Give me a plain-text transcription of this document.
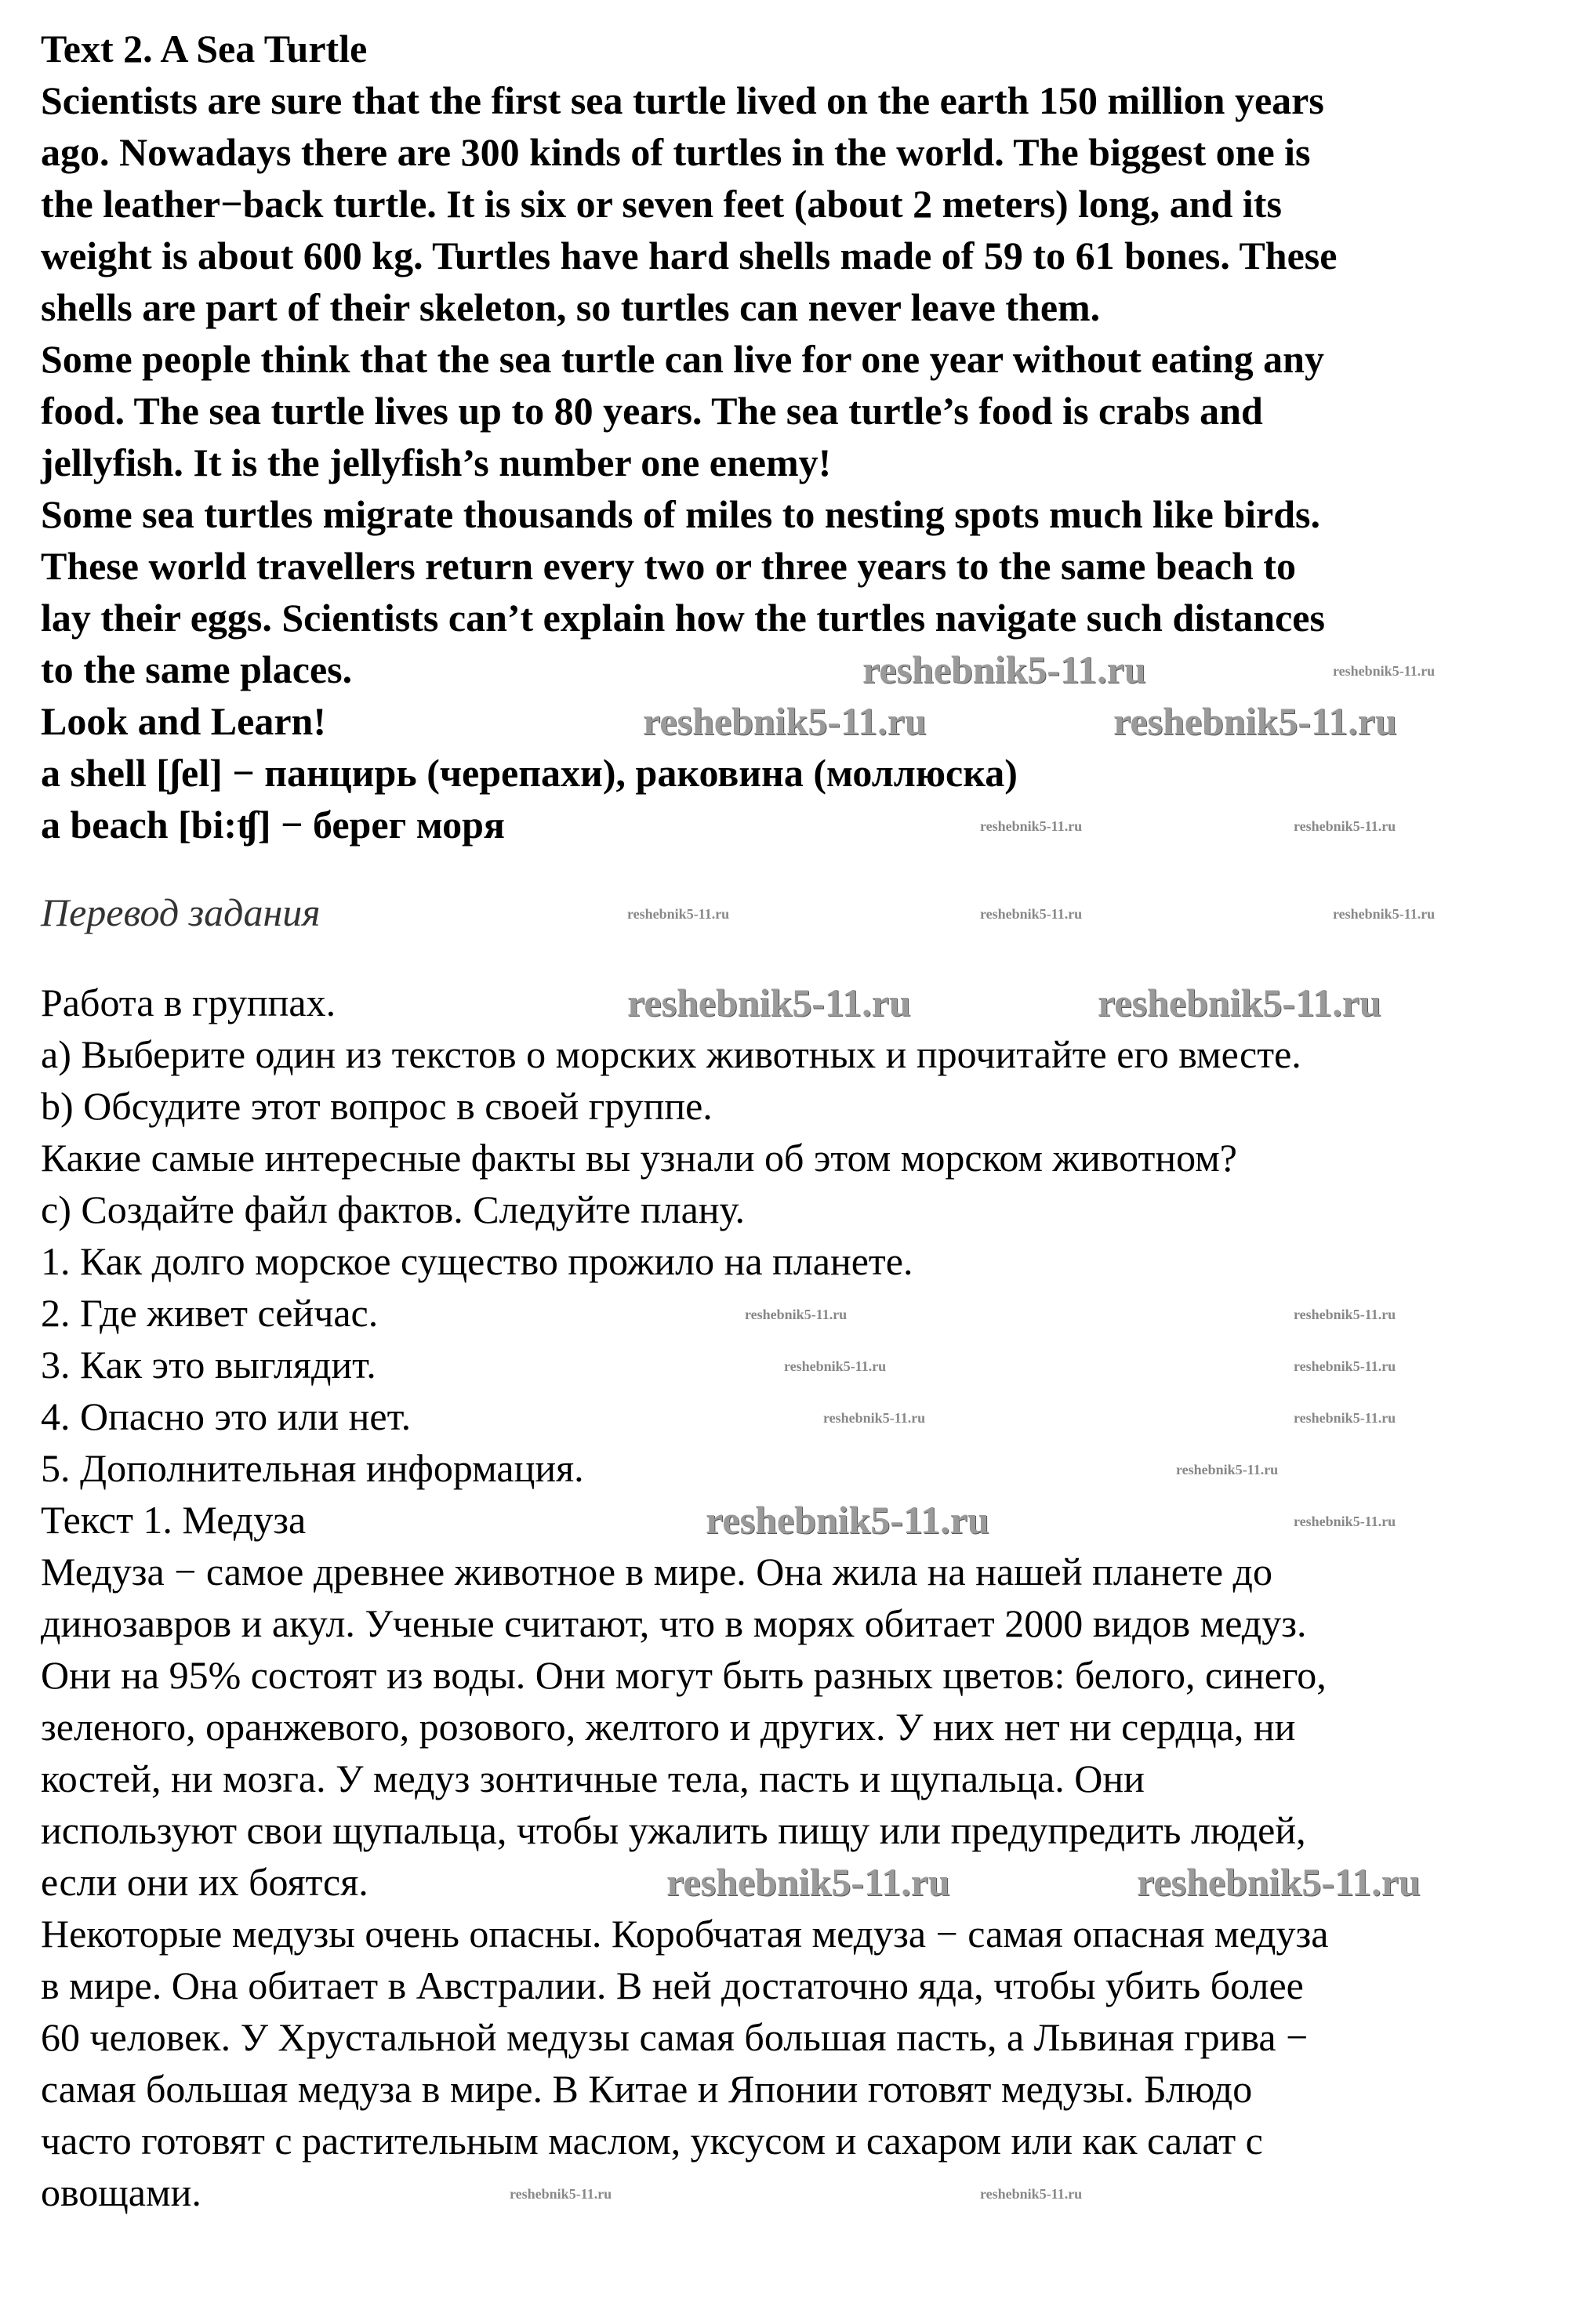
Text 2. A Sea Turtle
Scientists are sure that the first sea turtle lived on the earth 150 million years
ago. Nowadays there are 300 kinds of turtles in the world. The biggest one is
the leather−back turtle. It is six or seven feet (about 2 meters) long, and its
weight is about 600 kg. Turtles have hard shells made of 59 to 61 bones. These
shells are part of their skeleton, so turtles can never leave them.
Some people think that the sea turtle can live for one year without eating any
food. The sea turtle lives up to 80 years. The sea turtle’s food is crabs and
jellyfish. It is the jellyfish’s number one enemy!
Some sea turtles migrate thousands of miles to nesting spots much like birds.
These world travellers return every two or three years to the same beach to
lay their eggs. Scientists can’t explain how the turtles navigate such distances
to the same places.
Look and Learn!
a shell [ʃel] − панцирь (черепахи), раковина (моллюска)
a beach [bi:ʧ] − берег моря
Перевод задания
Работа в группах.
a) Выберите один из текстов о морских животных и прочитайте его вместе.
b) Обсудите этот вопрос в своей группе.
Какие самые интересные факты вы узнали об этом морском животном?
c) Создайте файл фактов. Следуйте плану.
1. Как долго морское существо прожило на планете.
2. Где живет сейчас.
3. Как это выглядит.
4. Опасно это или нет.
5. Дополнительная информация.
Текст 1. Медуза
Медуза − самое древнее животное в мире. Она жила на нашей планете до
динозавров и акул. Ученые считают, что в морях обитает 2000 видов медуз.
Они на 95% состоят из воды. Они могут быть разных цветов: белого, синего,
зеленого, оранжевого, розового, желтого и других. У них нет ни сердца, ни
костей, ни мозга. У медуз зонтичные тела, пасть и щупальца. Они
используют свои щупальца, чтобы ужалить пищу или предупредить людей,
если они их боятся.
Некоторые медузы очень опасны. Коробчатая медуза − самая опасная медуза
в мире. Она обитает в Австралии. В ней достаточно яда, чтобы убить более
60 человек. У Хрустальной медузы самая большая пасть, а Львиная грива −
самая большая медуза в мире. В Китае и Японии готовят медузы. Блюдо
часто готовят с растительным маслом, уксусом и сахаром или как салат с
овощами.
reshebnik5-11.ru
reshebnik5-11.ru	reshebnik5-11.ru
reshebnik5-11.ru	reshebnik5-11.ru
reshebnik5-11.ru
reshebnik5-11.ru	reshebnik5-11.ru
reshebnik5-11.ru
reshebnik5-11.ru	reshebnik5-11.ru
reshebnik5-11.ru	reshebnik5-11.ru	reshebnik5-11.ru
reshebnik5-11.ru	reshebnik5-11.ru
reshebnik5-11.ru	reshebnik5-11.ru
reshebnik5-11.ru	reshebnik5-11.ru
reshebnik5-11.ru
reshebnik5-11.ru
reshebnik5-11.ru	reshebnik5-11.ru
